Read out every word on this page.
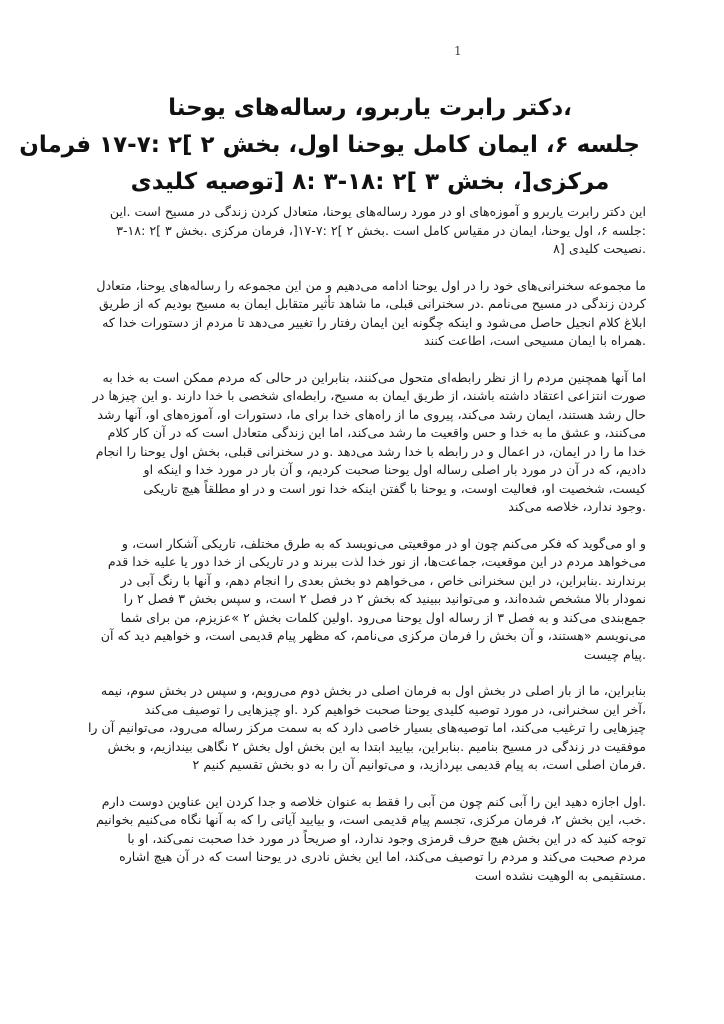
1
،دکتر رابرت یاربرو، رساله‌های یوحنا
جلسه ۶، ایمان کامل یوحنا اول، بخش ۲ ]۲ :۷-۱۷ فرمان
مرکزی[، بخش ۳ ]۲ :۱۸-۳ :۸ [توصیه کلیدی

این دکتر رابرت یاربرو و آموزه‌های او در مورد رساله‌های یوحنا، متعادل کردن زندگی در مسیح است .این
:جلسه ۶، اول یوحنا، ایمان در مقیاس کامل است .بخش ۲ ]۲ :۷-۱۷[، فرمان مرکزی .بخش ۳ ]۲ :۱۸-۳
.نصیحت کلیدی [۸

ما مجموعه سخنرانی‌های خود را در اول یوحنا ادامه می‌دهیم و من این مجموعه را رساله‌های یوحنا، متعادل
کردن زندگی در مسیح می‌نامم .در سخنرانی قبلی، ما شاهد تأثیر متقابل ایمان به مسیح بودیم که از طریق
ابلاغ کلام انجیل حاصل می‌شود و اینکه چگونه این ایمان رفتار را تغییر می‌دهد تا مردم از دستورات خدا که
.همراه با ایمان مسیحی است، اطاعت کنند

اما آنها همچنین مردم را از نظر رابطه‌ای متحول می‌کنند، بنابراین در حالی که مردم ممکن است به خدا به
صورت انتزاعی اعتقاد داشته باشند، از طریق ایمان به مسیح، رابطه‌ای شخصی با خدا دارند .و این چیزها در
حال رشد هستند، ایمان رشد می‌کند، پیروی ما از راه‌های خدا برای ما، دستورات او، آموزه‌های او، آنها رشد
می‌کنند، و عشق ما به خدا و حس واقعیت ما رشد می‌کند، اما این زندگی متعادل است که در آن کار کلام
خدا ما را در ایمان، در اعمال و در رابطه با خدا رشد می‌دهد .و در سخنرانی قبلی، بخش اول یوحنا را انجام
دادیم، که در آن در مورد بار اصلی رساله اول یوحنا صحبت کردیم، و آن بار در مورد خدا و اینکه او
کیست، شخصیت او، فعالیت اوست، و یوحنا با گفتن اینکه خدا نور است و در او مطلقاً هیچ تاریکی
.وجود ندارد، خلاصه می‌کند

و او می‌گوید که فکر می‌کنم چون او در موقعیتی می‌نویسد که به طرق مختلف، تاریکی آشکار است، و
می‌خواهد مردم در این موقعیت، جماعت‌ها، از نور خدا لذت ببرند و در تاریکی از خدا دور یا علیه خدا قدم
برندارند .بنابراین، در این سخنرانی خاص ، می‌خواهم دو بخش بعدی را انجام دهم، و آنها با رنگ آبی در
نمودار بالا مشخص شده‌اند، و می‌توانید ببینید که بخش ۲ در فصل ۲ است، و سپس بخش ۳ فصل ۲ را
جمع‌بندی می‌کند و به فصل ۳ از رساله اول یوحنا می‌رود .اولین کلمات بخش ۲ »عزیزم، من برای شما
می‌نویسم «هستند، و آن بخش را فرمان مرکزی می‌نامم، که مظهر پیام قدیمی است، و خواهیم دید که آن
.پیام چیست

بنابراین، ما از بار اصلی در بخش اول به فرمان اصلی در بخش دوم می‌رویم، و سپس در بخش سوم، نیمه
،آخر این سخنرانی، در مورد توصیه کلیدی یوحنا صحبت خواهیم کرد .او چیزهایی را توصیف می‌کند
چیزهایی را ترغیب می‌کند، اما توصیه‌های بسیار خاصی دارد که به سمت مرکز رساله می‌رود، می‌توانیم آن را
موفقیت در زندگی در مسیح بنامیم .بنابراین، بیایید ابتدا به این بخش اول بخش ۲ نگاهی بیندازیم، و بخش
.فرمان اصلی است، به پیام قدیمی بپردازید، و می‌توانیم آن را به دو بخش تقسیم کنیم ۲

.اول اجازه دهید این را آبی کنم چون من آبی را فقط به عنوان خلاصه و جدا کردن این عناوین دوست دارم
.خب، این بخش ۲، فرمان مرکزی، تجسم پیام قدیمی است، و بیایید آیاتی را که به آنها نگاه می‌کنیم بخوانیم
توجه کنید که در این بخش هیچ حرف قرمزی وجود ندارد، او صریحاً در مورد خدا صحبت نمی‌کند، او با
مردم صحبت می‌کند و مردم را توصیف می‌کند، اما این بخش نادری در یوحنا است که در آن هیچ اشاره
.مستقیمی به الوهیت نشده است
